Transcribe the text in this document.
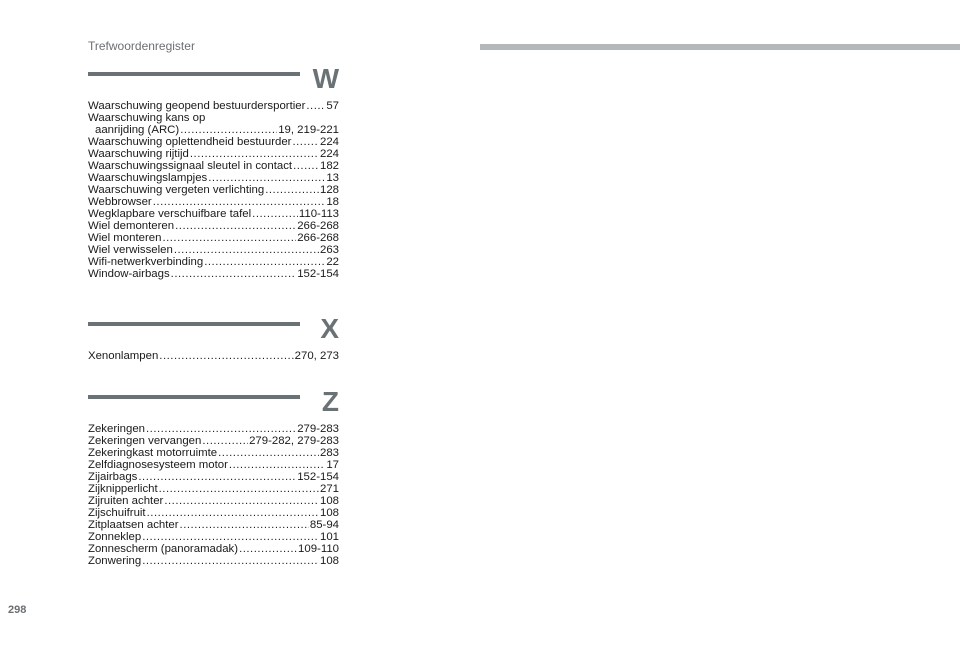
Trefwoordenregister
W
Waarschuwing geopend bestuurdersportier ..... 57
Waarschuwing kans op
aanrijding (ARC) .....	19, 219-221
Waarschuwing oplettendheid bestuurder .....	224
Waarschuwing rijtijd .....	224
Waarschuwingssignaal sleutel in contact ..... 182
Waarschuwingslampjes .....	13
Waarschuwing vergeten verlichting .....	128
Webbrowser .....	18
Wegklapbare verschuifbare tafel .....	110-113
Wiel demonteren .....	266-268
Wiel monteren .....	266-268
Wiel verwisselen .....	263
Wifi-netwerkverbinding .....	22
Window-airbags .....	152-154
X
Xenonlampen .....	270, 273
Z
Zekeringen .....	279-283
Zekeringen vervangen .....	279-282, 279-283
Zekeringkast motorruimte .....	283
Zelfdiagnosesysteem motor .....	17
Zijairbags .....	152-154
Zijknipperlicht .....	271
Zijruiten achter .....	108
Zijschuifruit .....	108
Zitplaatsen achter .....	85-94
Zonneklep .....	101
Zonnescherm (panoramadak) .....	109-110
Zonwering .....	108
298
